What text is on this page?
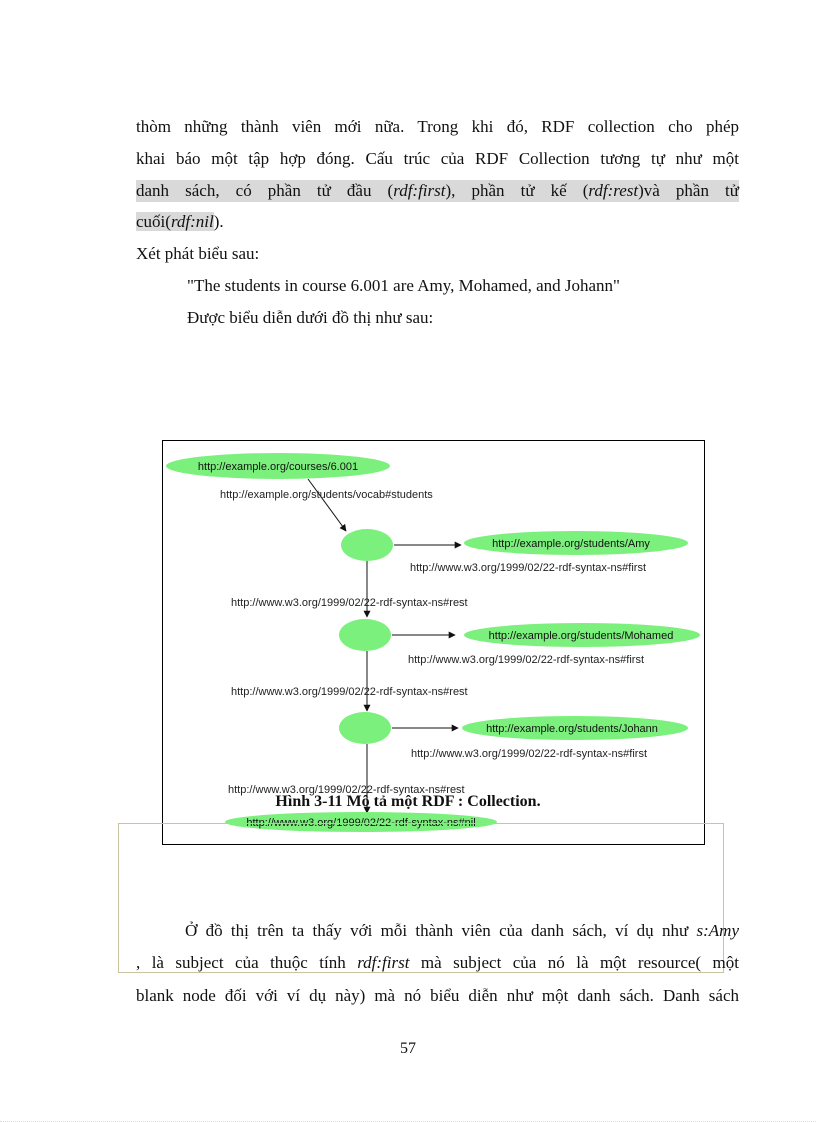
thòm những thành viên mới nữa. Trong khi đó, RDF collection cho phép
khai báo một tập hợp đóng. Cấu trúc của RDF Collection tương tự như một
danh sách, có phần tử đầu (rdf:first), phần tử kế (rdf:rest)và phần tử
cuối(rdf:nil).
Xét phát biểu sau:
"The students in course 6.001 are Amy, Mohamed, and Johann"
Được biểu diễn dưới đồ thị như sau:
http://example.org/courses/6.001
http://example.org/students/Amy
http://example.org/students/Mohamed
http://example.org/students/Johann
http://www.w3.org/1999/02/22-rdf-syntax-ns#nil
http://example.org/students/vocab#students
http://www.w3.org/1999/02/22-rdf-syntax-ns#first
http://www.w3.org/1999/02/22-rdf-syntax-ns#rest
http://www.w3.org/1999/02/22-rdf-syntax-ns#first
http://www.w3.org/1999/02/22-rdf-syntax-ns#rest
http://www.w3.org/1999/02/22-rdf-syntax-ns#first
http://www.w3.org/1999/02/22-rdf-syntax-ns#rest
Hình 3-11 Mô tả một RDF : Collection.
Ở đồ thị trên ta thấy với mỗi thành viên của danh sách, ví dụ như s:Amy
, là subject của thuộc tính rdf:first mà subject của nó là một resource( một
blank node đối với ví dụ này) mà nó biểu diễn như một danh sách. Danh sách
57
